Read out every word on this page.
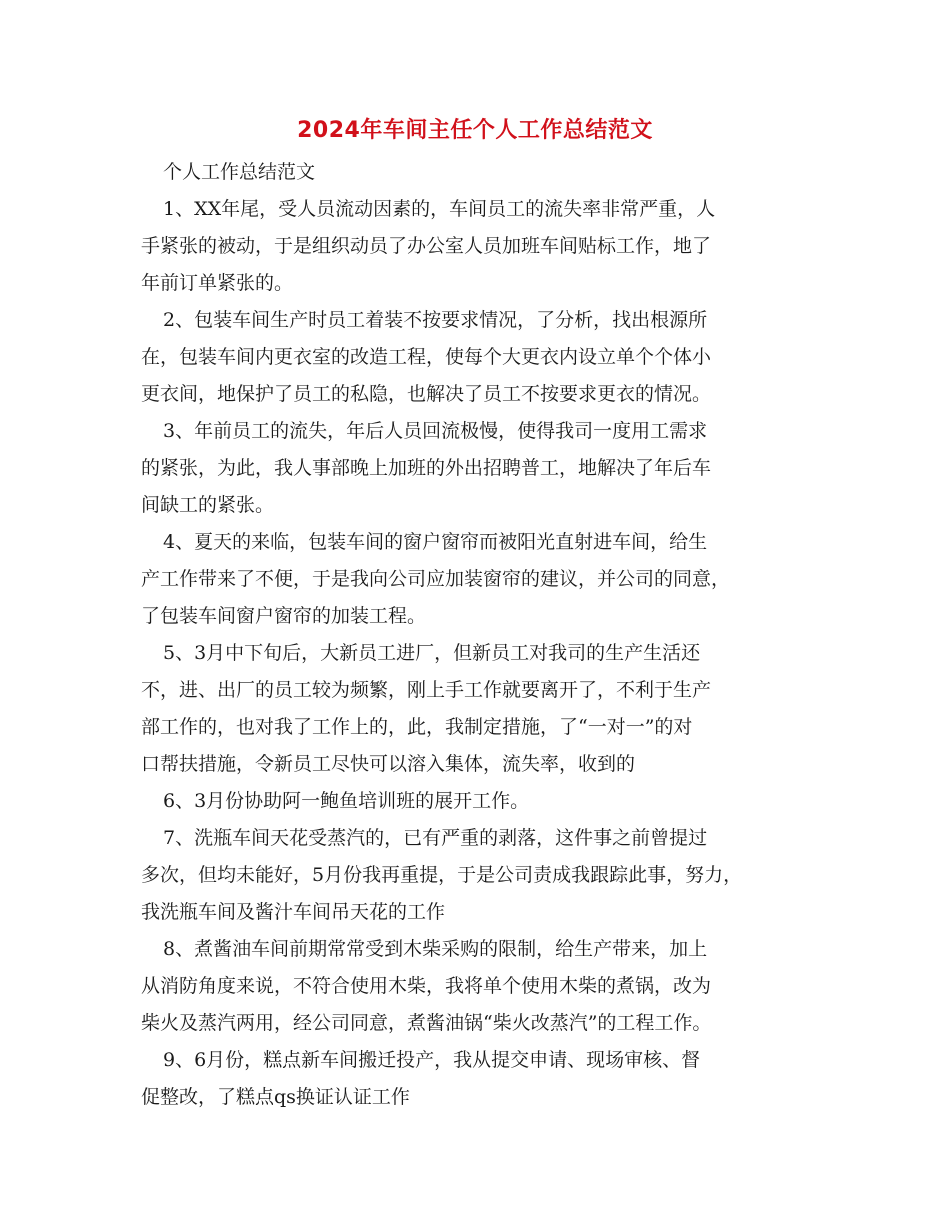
2024年车间主任个人工作总结范文
个人工作总结范文
1、XX年尾，受人员流动因素的，车间员工的流失率非常严重，人
手紧张的被动，于是组织动员了办公室人员加班车间贴标工作，地了
年前订单紧张的。
2、包装车间生产时员工着装不按要求情况，了分析，找出根源所
在，包装车间内更衣室的改造工程，使每个大更衣内设立单个个体小
更衣间，地保护了员工的私隐，也解决了员工不按要求更衣的情况。
3、年前员工的流失，年后人员回流极慢，使得我司一度用工需求
的紧张，为此，我人事部晚上加班的外出招聘普工，地解决了年后车
间缺工的紧张。
4、夏天的来临，包装车间的窗户窗帘而被阳光直射进车间，给生
产工作带来了不便，于是我向公司应加装窗帘的建议，并公司的同意，
了包装车间窗户窗帘的加装工程。
5、3月中下旬后，大新员工进厂，但新员工对我司的生产生活还
不，进、出厂的员工较为频繁，刚上手工作就要离开了，不利于生产
部工作的，也对我了工作上的，此，我制定措施，了“一对一”的对
口帮扶措施，令新员工尽快可以溶入集体，流失率，收到的
6、3月份协助阿一鲍鱼培训班的展开工作。
7、洗瓶车间天花受蒸汽的，已有严重的剥落，这件事之前曾提过
多次，但均未能好，5月份我再重提，于是公司责成我跟踪此事，努力，
我洗瓶车间及酱汁车间吊天花的工作
8、煮酱油车间前期常常受到木柴采购的限制，给生产带来，加上
从消防角度来说，不符合使用木柴，我将单个使用木柴的煮锅，改为
柴火及蒸汽两用，经公司同意，煮酱油锅“柴火改蒸汽”的工程工作。
9、6月份，糕点新车间搬迁投产，我从提交申请、现场审核、督
促整改，了糕点qs换证认证工作
